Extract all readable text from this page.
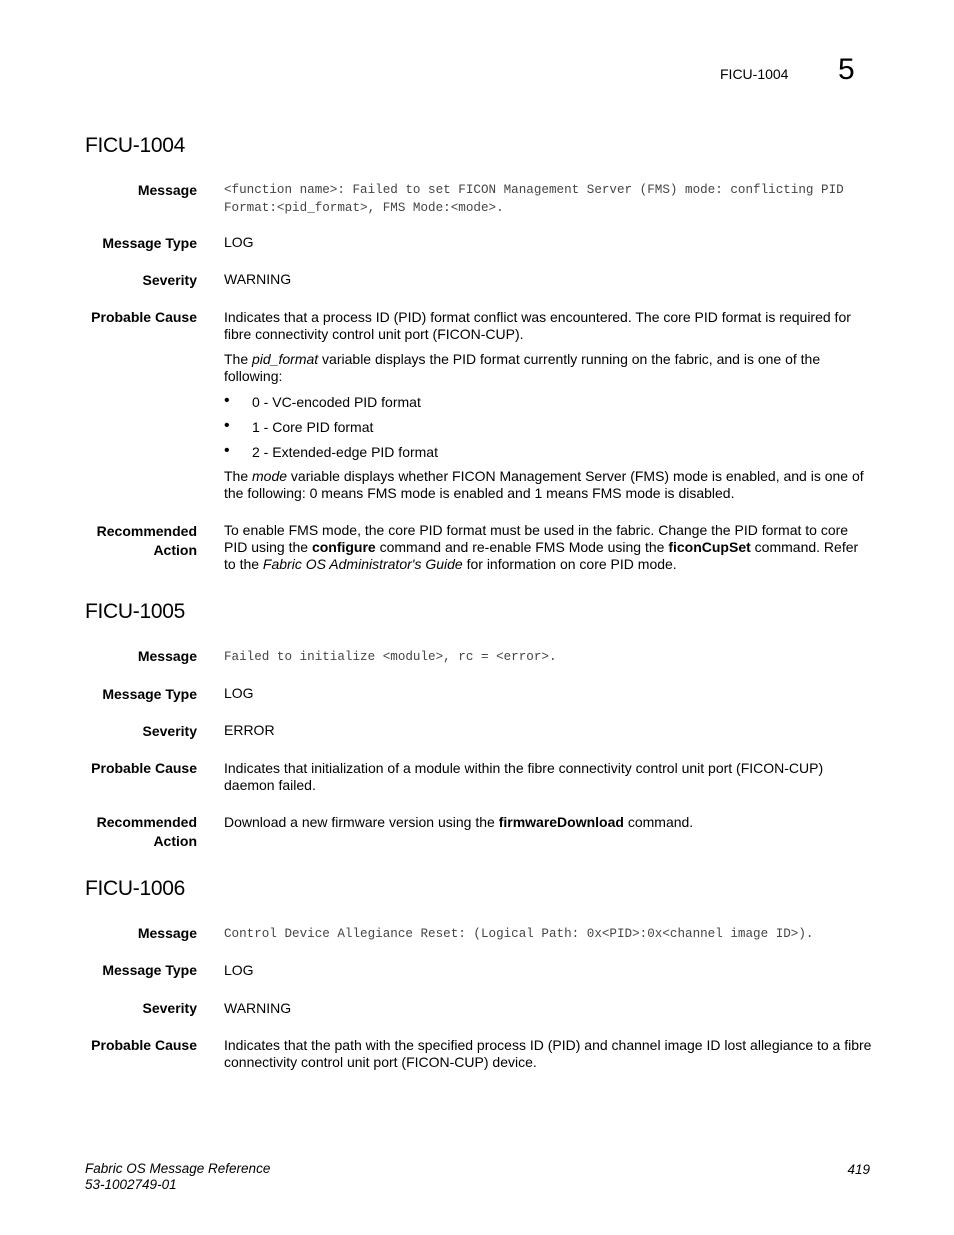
FICU-1004 5
FICU-1004
Message <function name>: Failed to set FICON Management Server (FMS) mode: conflicting PID
Format:<pid_format>, FMS Mode:<mode>.
Message Type LOG
Severity WARNING
Probable Cause Indicates that a process ID (PID) format conflict was encountered. The core PID format is required for fibre connectivity control unit port (FICON-CUP).
The pid_format variable displays the PID format currently running on the fabric, and is one of the following:
• 0 - VC-encoded PID format
• 1 - Core PID format
• 2 - Extended-edge PID format
The mode variable displays whether FICON Management Server (FMS) mode is enabled, and is one of the following: 0 means FMS mode is enabled and 1 means FMS mode is disabled.
Recommended
Action
To enable FMS mode, the core PID format must be used in the fabric. Change the PID format to core PID using the configure command and re-enable FMS Mode using the ficonCupSet command. Refer to the Fabric OS Administrator's Guide for information on core PID mode.
FICU-1005
Message Failed to initialize <module>, rc = <error>.
Message Type LOG
Severity ERROR
Probable Cause Indicates that initialization of a module within the fibre connectivity control unit port (FICON-CUP) daemon failed.
Recommended
Action
Download a new firmware version using the firmwareDownload command.
FICU-1006
Message Control Device Allegiance Reset: (Logical Path: 0x<PID>:0x<channel image ID>).
Message Type LOG
Severity WARNING
Probable Cause Indicates that the path with the specified process ID (PID) and channel image ID lost allegiance to a fibre connectivity control unit port (FICON-CUP) device.
Fabric OS Message Reference
53-1002749-01
419
